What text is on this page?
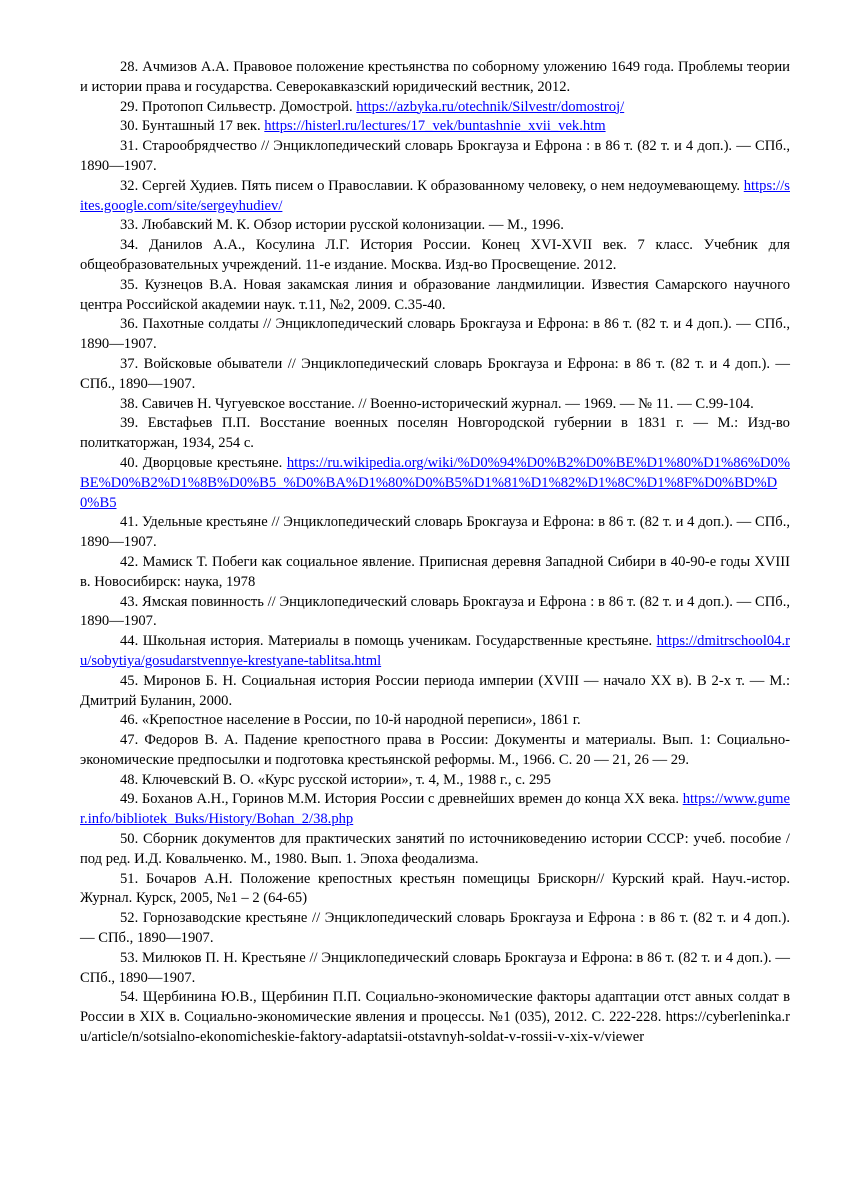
28. Ачмизов А.А. Правовое положение крестьянства по соборному уложению 1649 года. Проблемы теории и истории права и государства. Северокавказский юридический вестник, 2012.

29. Протопоп Сильвестр. Домострой. https://azbyka.ru/otechnik/Silvestr/domostroj/

30. Бунташный 17 век. https://histerl.ru/lectures/17_vek/buntashnie_xvii_vek.htm

31. Старообрядчество // Энциклопедический словарь Брокгауза и Ефрона : в 86 т. (82 т. и 4 доп.). — СПб., 1890—1907.

32. Сергей Худиев. Пять писем о Православии. К образованному человеку, о нем недоумевающему. https://sites.google.com/site/sergeyhudiev/

33. Любавский М. К. Обзор истории русской колонизации. — М., 1996.

34. Данилов А.А., Косулина Л.Г. История России. Конец XVI-XVII век. 7 класс. Учебник для общеобразовательных учреждений. 11-е издание. Москва. Изд-во Просвещение. 2012.

35. Кузнецов В.А. Новая закамская линия и образование ландмилиции. Известия Самарского научного центра Российской академии наук. т.11, №2, 2009. С.35-40.

36. Пахотные солдаты // Энциклопедический словарь Брокгауза и Ефрона: в 86 т. (82 т. и 4 доп.). — СПб., 1890—1907.

37. Войсковые обыватели // Энциклопедический словарь Брокгауза и Ефрона: в 86 т. (82 т. и 4 доп.). — СПб., 1890—1907.

38. Савичев Н. Чугуевское восстание. // Военно-исторический журнал. — 1969. — № 11. — С.99-104.

39. Евстафьев П.П. Восстание военных поселян Новгородской губернии в 1831 г. — М.: Изд-во политкаторжан, 1934, 254 с.

40. Дворцовые крестьяне. https://ru.wikipedia.org/wiki/%D0%94%D0%B2%D0%BE%D1%80%D1%86%D0%BE%D0%B2%D1%8B%D0%B5_%D0%BA%D1%80%D0%B5%D1%81%D1%82%D1%8C%D1%8F%D0%BD%D0%B5

41. Удельные крестьяне // Энциклопедический словарь Брокгауза и Ефрона: в 86 т. (82 т. и 4 доп.). — СПб., 1890—1907.

42. Мамиск Т. Побеги как социальное явление. Приписная деревня Западной Сибири в 40-90-е годы XVIII в. Новосибирск: наука, 1978

43. Ямская повинность // Энциклопедический словарь Брокгауза и Ефрона : в 86 т. (82 т. и 4 доп.). — СПб., 1890—1907.

44. Школьная история. Материалы в помощь ученикам. Государственные крестьяне. https://dmitrschool04.ru/sobytiya/gosudarstvennye-krestyane-tablitsa.html

45. Миронов Б. Н. Социальная история России периода империи (XVIII — начало XX в). В 2-х т. — М.: Дмитрий Буланин, 2000.

46. «Крепостное население в России, по 10-й народной переписи», 1861 г.

47. Федоров В. А. Падение крепостного права в России: Документы и материалы. Вып. 1: Социально-экономические предпосылки и подготовка крестьянской реформы. М., 1966. С. 20 — 21, 26 — 29.

48. Ключевский В. О. «Курс русской истории», т. 4, М., 1988 г., с. 295

49. Боханов А.Н., Горинов М.М. История России с древнейших времен до конца XX века. https://www.gumer.info/bibliotek_Buks/History/Bohan_2/38.php

50. Сборник документов для практических занятий по источниковедению истории СССР: учеб. пособие / под ред. И.Д. Ковальченко. М., 1980. Вып. 1. Эпоха феодализма.

51. Бочаров А.Н. Положение крепостных крестьян помещицы Брискорн// Курский край. Науч.-истор. Журнал. Курск, 2005, №1 – 2 (64-65)

52. Горнозаводские крестьяне // Энциклопедический словарь Брокгауза и Ефрона : в 86 т. (82 т. и 4 доп.). — СПб., 1890—1907.

53. Милюков П. Н. Крестьяне // Энциклопедический словарь Брокгауза и Ефрона: в 86 т. (82 т. и 4 доп.). — СПб., 1890—1907.

54. Щербинина Ю.В., Щербинин П.П. Социально-экономические факторы адаптации отст авных солдат в России в XIX в. Социально-экономические явления и процессы. №1 (035), 2012. С. 222-228. https://cyberleninka.ru/article/n/sotsialno-ekonomicheskie-faktory-adaptatsii-otstavnyh-soldat-v-rossii-v-xix-v/viewer
